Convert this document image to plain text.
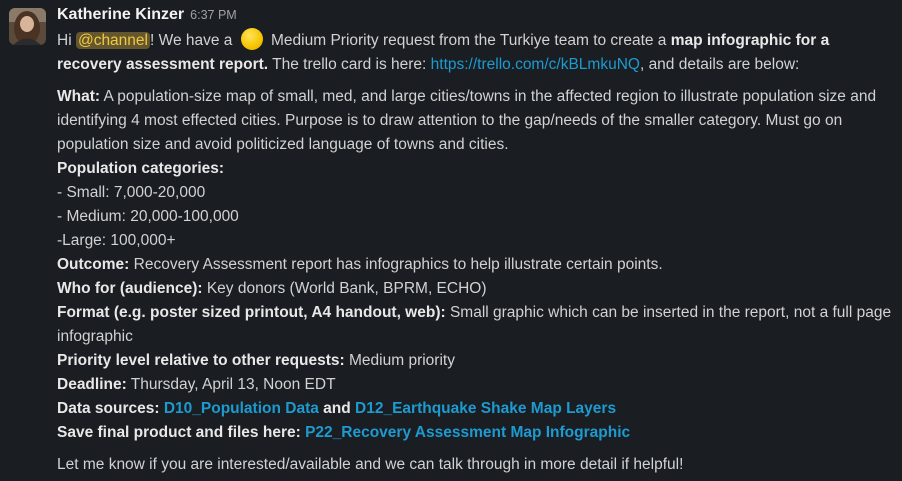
Katherine Kinzer 6:37 PM

Hi @channel ! We have a  Medium Priority request from the Turkiye team to create a map infographic for a recovery assessment report. The trello card is here: https://trello.com/c/kBLmkuNQ, and details are below:

What: A population-size map of small, med, and large cities/towns in the affected region to illustrate population size and identifying 4 most effected cities. Purpose is to draw attention to the gap/needs of the smaller category. Must go on population size and avoid politicized language of towns and cities.

Population categories:
- Small: 7,000-20,000
- Medium: 20,000-100,000
-Large: 100,000+

Outcome: Recovery Assessment report has infographics to help illustrate certain points.

Who for (audience): Key donors (World Bank, BPRM, ECHO)

Format (e.g. poster sized printout, A4 handout, web): Small graphic which can be inserted in the report, not a full page infographic

Priority level relative to other requests: Medium priority

Deadline: Thursday, April 13, Noon EDT

Data sources: D10_Population Data and D12_Earthquake Shake Map Layers

Save final product and files here: P22_Recovery Assessment Map Infographic

Let me know if you are interested/available and we can talk through in more detail if helpful!
